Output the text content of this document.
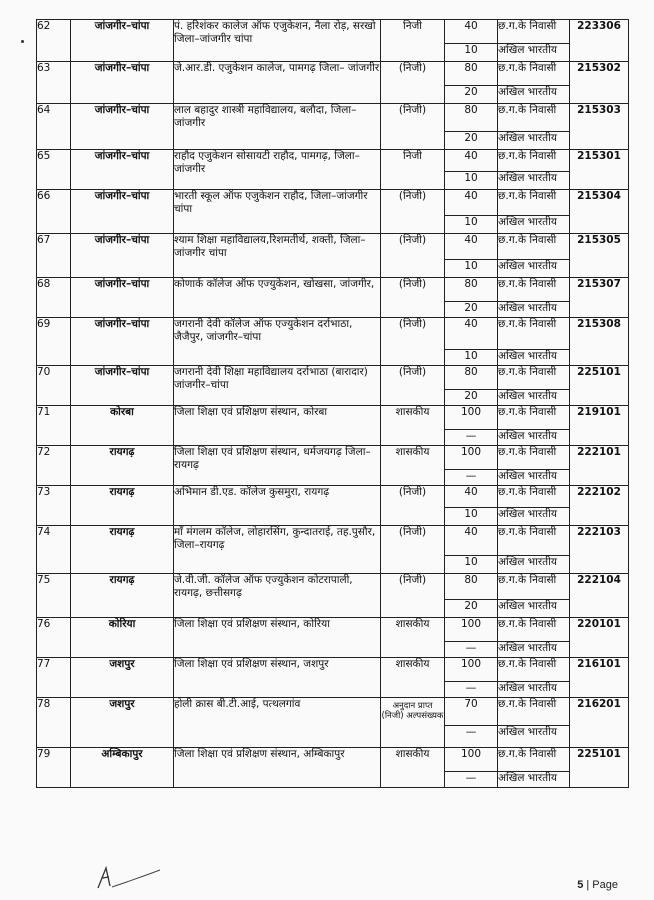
62	जांजगीर–चांपा	पं. हरिशंकर कालेज ऑफ एजुकेशन, नैला रोड़, सरखो जिला–जांजगीर चांपा	निजी	40	छ.ग.के निवासी	223306
				10	अखिल भारतीय	
63	जांजगीर–चांपा	जे.आर.डी. एजुकेशन कालेज, पामगढ़ जिला– जांजगीर	(निजी)	80	छ.ग.के निवासी	215302
				20	अखिल भारतीय	
64	जांजगीर–चांपा	लाल बहादुर शास्त्री महाविद्यालय, बलौदा, जिला– जांजगीर	(निजी)	80	छ.ग.के निवासी	215303
				20	अखिल भारतीय	
65	जांजगीर–चांपा	राहौद एजुकेशन सोसायटी राहौद, पामगढ़, जिला–जांजगीर	निजी	40	छ.ग.के निवासी	215301
				10	अखिल भारतीय	
66	जांजगीर–चांपा	भारती स्कूल ऑफ एजुकेशन राहौद, जिला–जांजगीर चांपा	(निजी)	40	छ.ग.के निवासी	215304
				10	अखिल भारतीय	
67	जांजगीर–चांपा	श्याम शिक्षा महाविद्यालय,रिशमतीर्थ, शक्ती, जिला–जांजगीर चांपा	(निजी)	40	छ.ग.के निवासी	215305
				10	अखिल भारतीय	
68	जांजगीर–चांपा	कोणार्क कॉलेज ऑफ एज्युकेशन, खोखसा, जांजगीर,	(निजी)	80	छ.ग.के निवासी	215307
				20	अखिल भारतीय	
69	जांजगीर–चांपा	जगरानी देवी कॉलेज ऑफ एज्युकेशन दर्राभाठा, जैजैपुर, जांजगीर–चांपा	(निजी)	40	छ.ग.के निवासी	215308
				10	अखिल भारतीय	
70	जांजगीर–चांपा	जगरानी देवी शिक्षा महाविद्यालय दर्राभाठा (बारादार) जांजगीर–चांपा	(निजी)	80	छ.ग.के निवासी	225101
				20	अखिल भारतीय	
71	कोरबा	जिला शिक्षा एवं प्रशिक्षण संस्थान, कोरबा	शासकीय	100	छ.ग.के निवासी	219101
				—	अखिल भारतीय	
72	रायगढ़	जिला शिक्षा एवं प्रशिक्षण संस्थान, धर्मजयगढ़ जिला–रायगढ़	शासकीय	100	छ.ग.के निवासी	222101
				—	अखिल भारतीय	
73	रायगढ़	अभिमान डी.एड. कॉलेज कुसमुरा, रायगढ़	(निजी)	40	छ.ग.के निवासी	222102
				10	अखिल भारतीय	
74	रायगढ़	माँ मंगलम कॉलेज, लोहारसिंग, कुन्दातराई, तह.पुसौर, जिला–रायगढ़	(निजी)	40	छ.ग.के निवासी	222103
				10	अखिल भारतीय	
75	रायगढ़	जे.वी.जी. कॉलेज ऑफ एज्युकेशन कोटरापाली, रायगढ़, छत्तीसगढ़	(निजी)	80	छ.ग.के निवासी	222104
				20	अखिल भारतीय	
76	कोरिया	जिला शिक्षा एवं प्रशिक्षण संस्थान, कोरिया	शासकीय	100	छ.ग.के निवासी	220101
				—	अखिल भारतीय	
77	जशपुर	जिला शिक्षा एवं प्रशिक्षण संस्थान, जशपुर	शासकीय	100	छ.ग.के निवासी	216101
				—	अखिल भारतीय	
78	जशपुर	होली क्रास बी.टी.आई, पत्थलगांव	अनुदान प्राप्त (निजी) अल्पसंख्यक	70	छ.ग.के निवासी	216201
				—	अखिल भारतीय	
79	अम्बिकापुर	जिला शिक्षा एवं प्रशिक्षण संस्थान, अम्बिकापुर	शासकीय	100	छ.ग.के निवासी	225101
				—	अखिल भारतीय	
5 | Page
